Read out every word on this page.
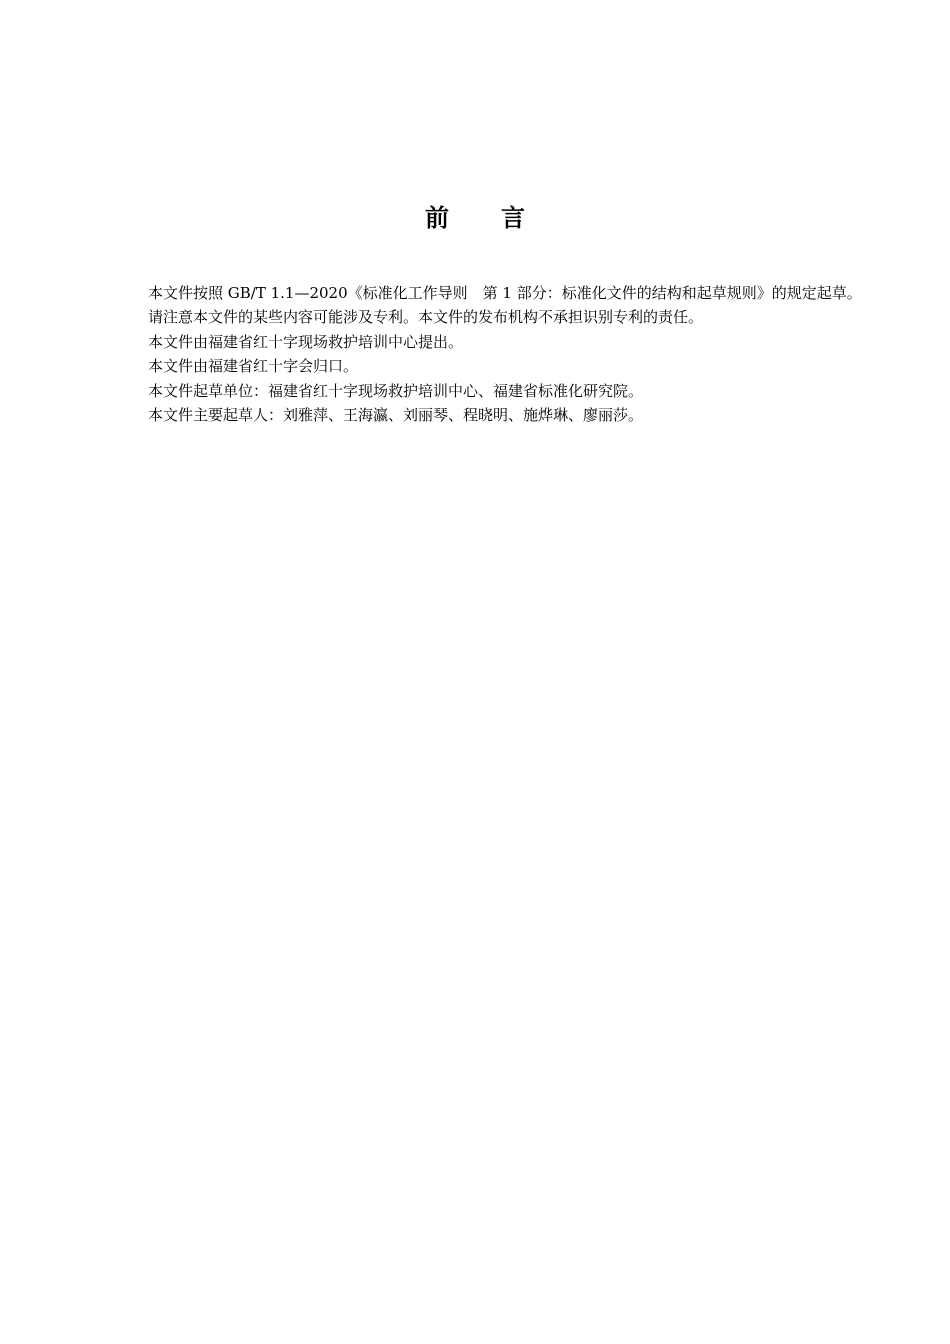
前 言

本文件按照 GB/T 1.1—2020《标准化工作导则　第 1 部分：标准化文件的结构和起草规则》的规定起草。

请注意本文件的某些内容可能涉及专利。本文件的发布机构不承担识别专利的责任。

本文件由福建省红十字现场救护培训中心提出。

本文件由福建省红十字会归口。

本文件起草单位：福建省红十字现场救护培训中心、福建省标准化研究院。

本文件主要起草人：刘雅萍、王海瀛、刘丽琴、程晓明、施烨琳、廖丽莎。
